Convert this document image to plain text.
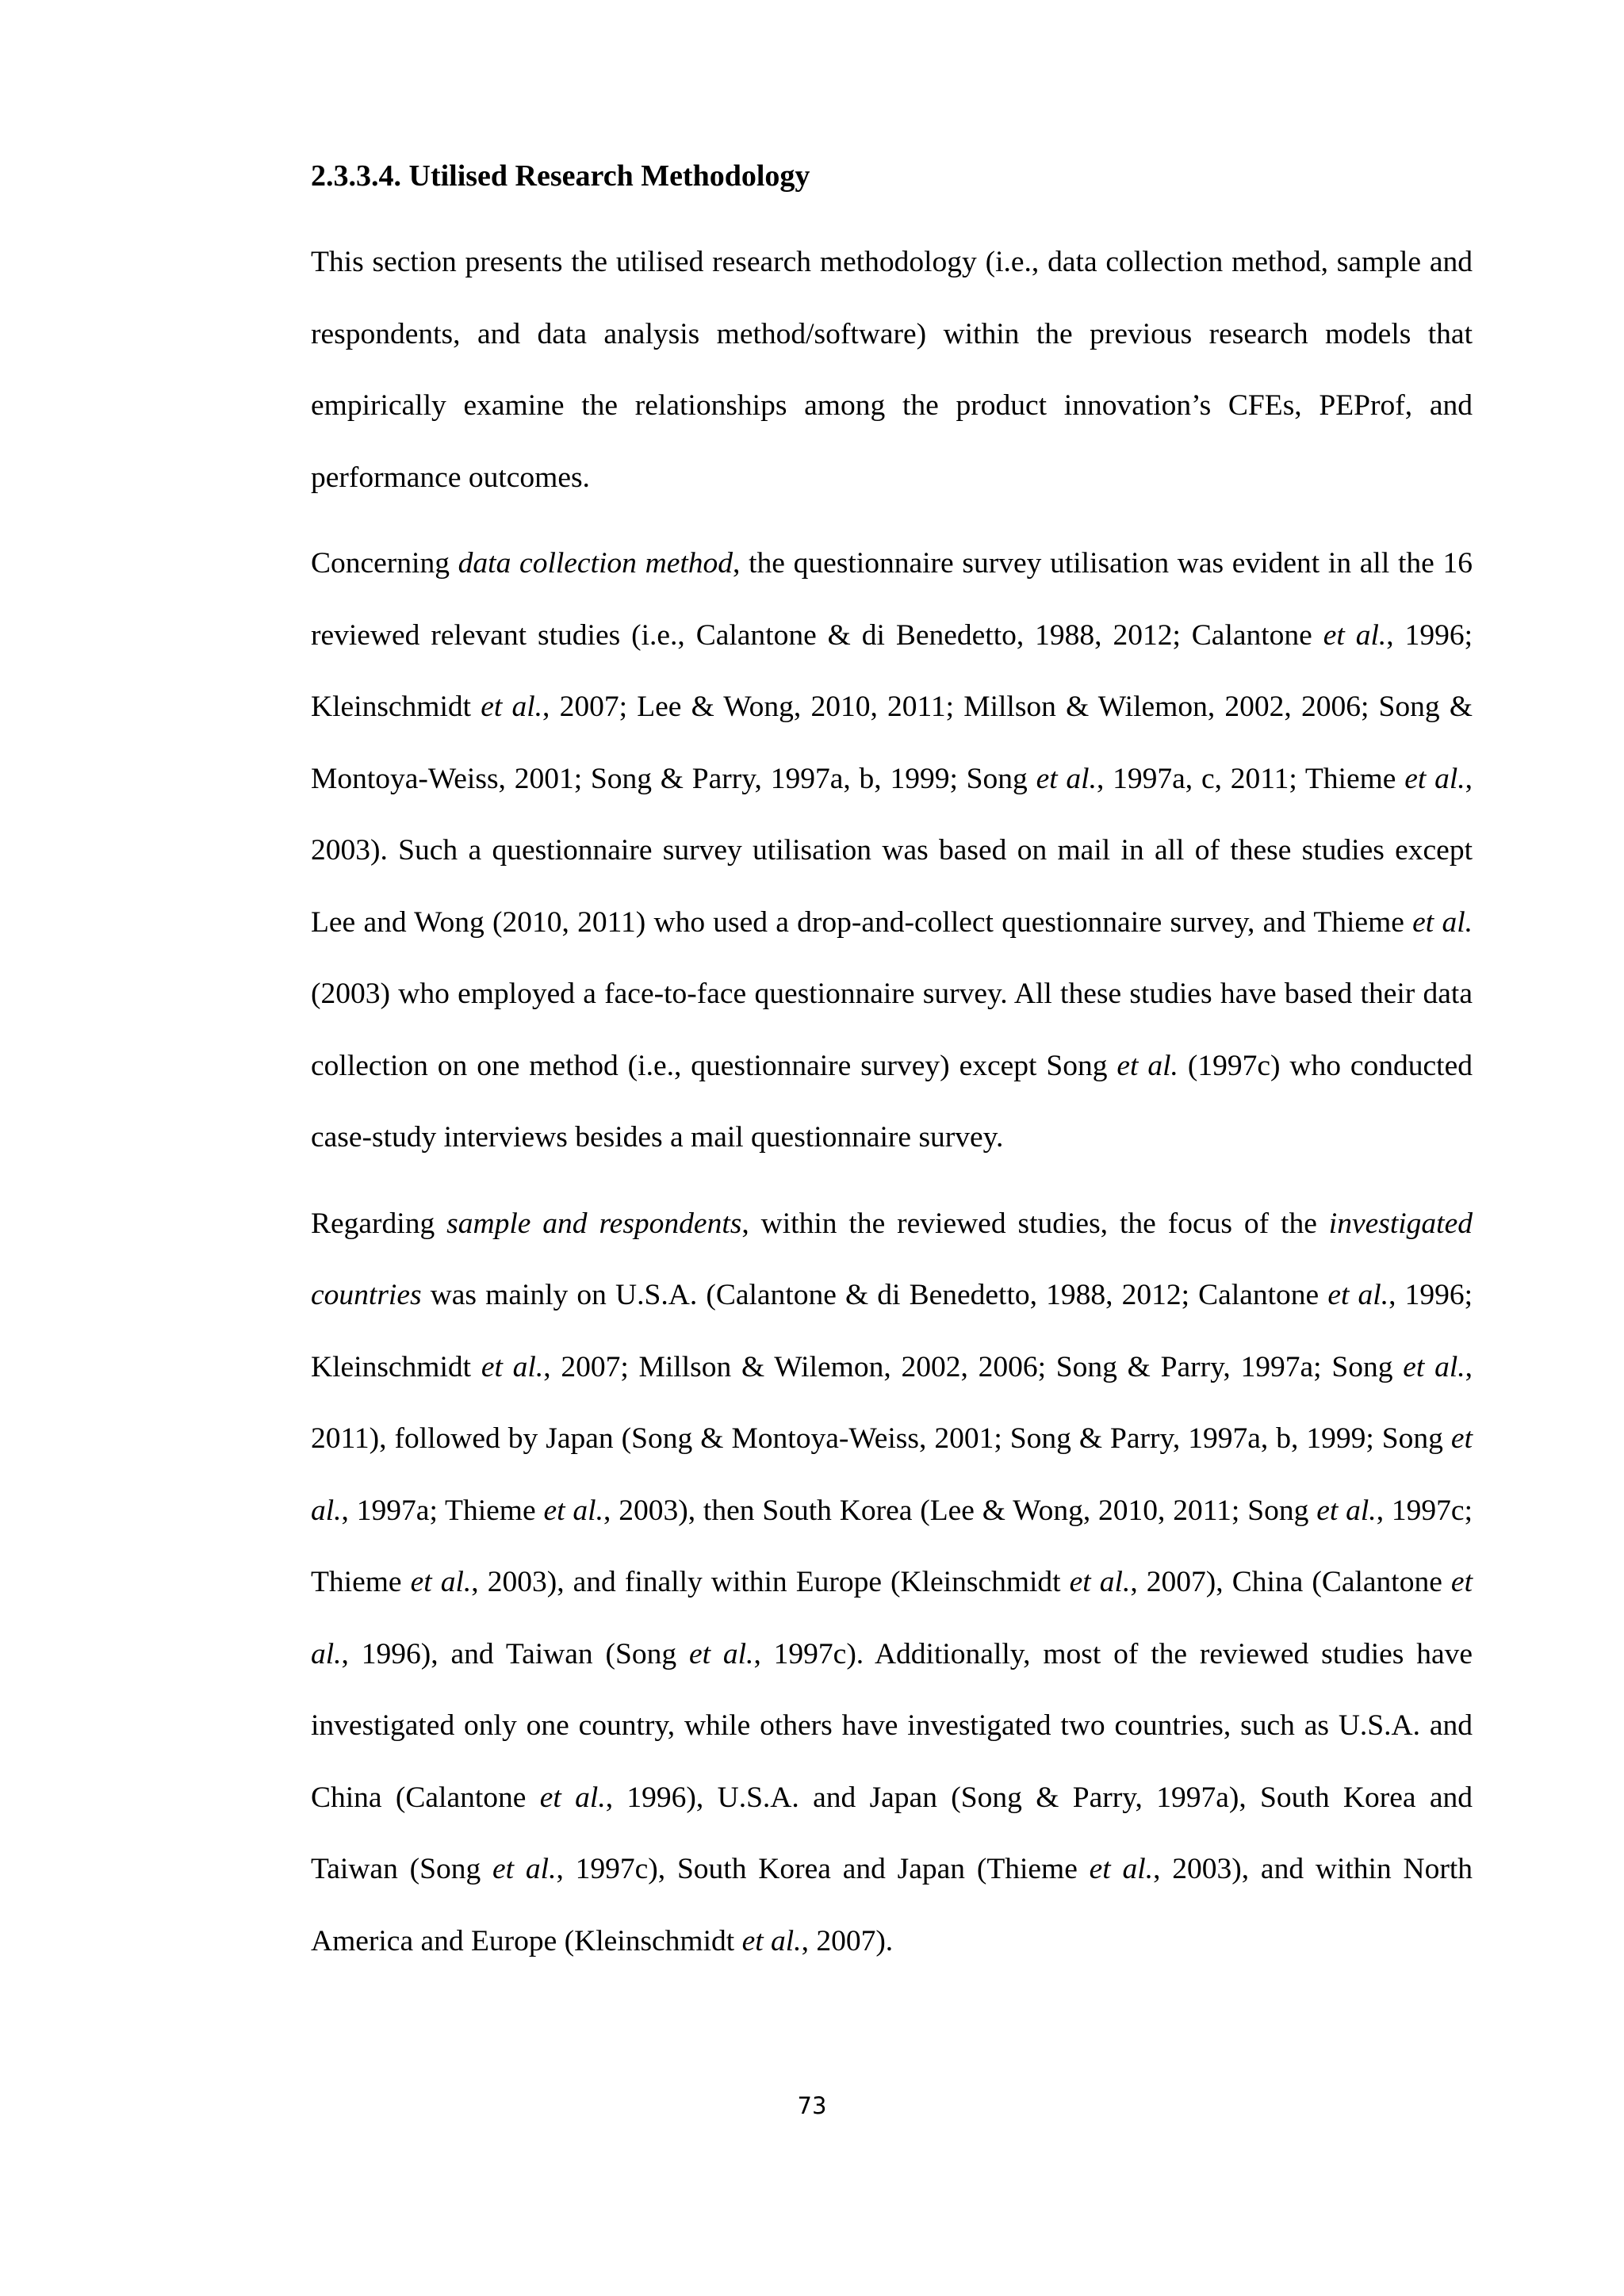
2.3.3.4. Utilised Research Methodology

This section presents the utilised research methodology (i.e., data collection method, sample and respondents, and data analysis method/software) within the previous research models that empirically examine the relationships among the product innovation’s CFEs, PEProf, and performance outcomes.

Concerning data collection method, the questionnaire survey utilisation was evident in all the 16 reviewed relevant studies (i.e., Calantone & di Benedetto, 1988, 2012; Calantone et al., 1996; Kleinschmidt et al., 2007; Lee & Wong, 2010, 2011; Millson & Wilemon, 2002, 2006; Song & Montoya-Weiss, 2001; Song & Parry, 1997a, b, 1999; Song et al., 1997a, c, 2011; Thieme et al., 2003). Such a questionnaire survey utilisation was based on mail in all of these studies except Lee and Wong (2010, 2011) who used a drop-and-collect questionnaire survey, and Thieme et al. (2003) who employed a face-to-face questionnaire survey. All these studies have based their data collection on one method (i.e., questionnaire survey) except Song et al. (1997c) who conducted case-study interviews besides a mail questionnaire survey.

Regarding sample and respondents, within the reviewed studies, the focus of the investigated countries was mainly on U.S.A. (Calantone & di Benedetto, 1988, 2012; Calantone et al., 1996; Kleinschmidt et al., 2007; Millson & Wilemon, 2002, 2006; Song & Parry, 1997a; Song et al., 2011), followed by Japan (Song & Montoya-Weiss, 2001; Song & Parry, 1997a, b, 1999; Song et al., 1997a; Thieme et al., 2003), then South Korea (Lee & Wong, 2010, 2011; Song et al., 1997c; Thieme et al., 2003), and finally within Europe (Kleinschmidt et al., 2007), China (Calantone et al., 1996), and Taiwan (Song et al., 1997c). Additionally, most of the reviewed studies have investigated only one country, while others have investigated two countries, such as U.S.A. and China (Calantone et al., 1996), U.S.A. and Japan (Song & Parry, 1997a), South Korea and Taiwan (Song et al., 1997c), South Korea and Japan (Thieme et al., 2003), and within North America and Europe (Kleinschmidt et al., 2007).

73
